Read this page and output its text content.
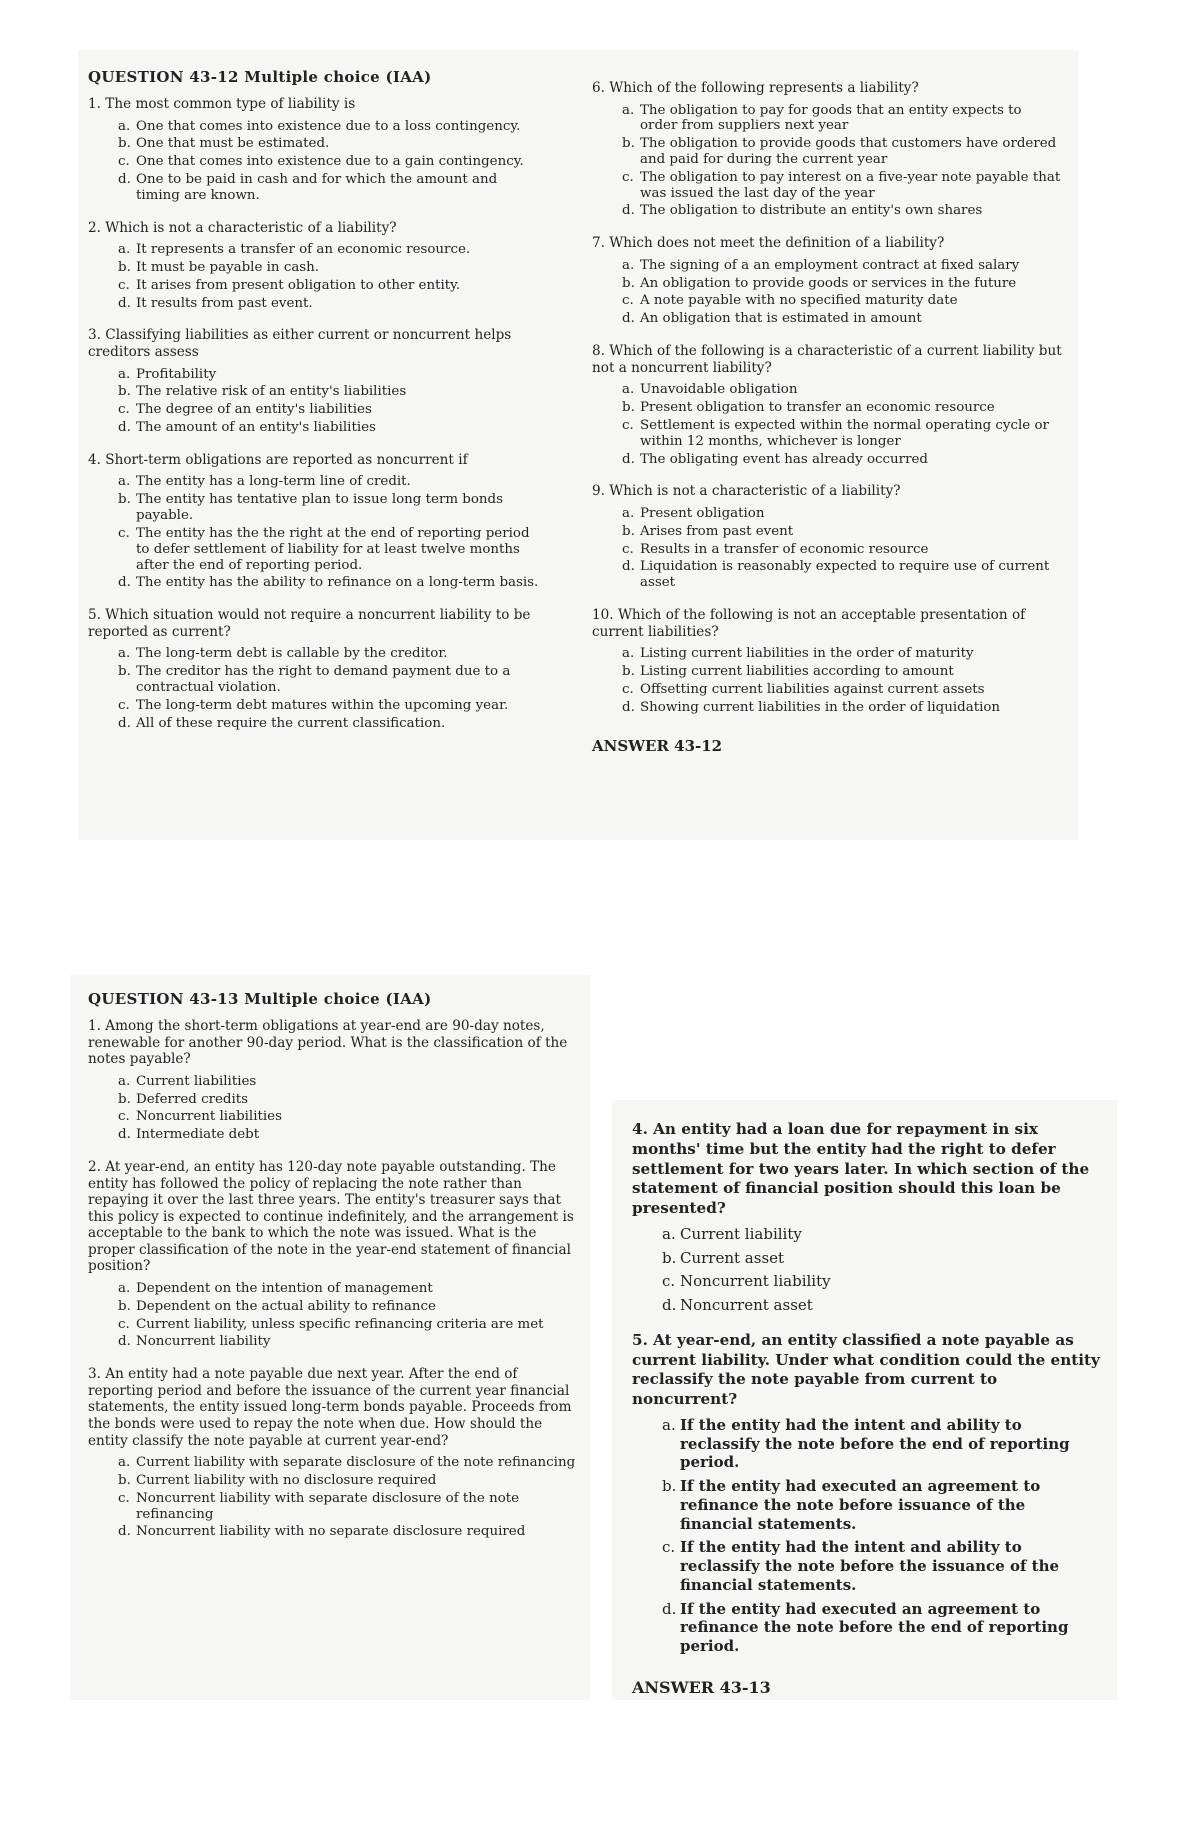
QUESTION 43-12 Multiple choice (IAA)

1. The most common type of liability is

a. One that comes into existence due to a loss contingency.
b. One that must be estimated.
c. One that comes into existence due to a gain contingency.
d. One to be paid in cash and for which the amount and timing are known.

2. Which is not a characteristic of a liability?

a. It represents a transfer of an economic resource.
b. It must be payable in cash.
c. It arises from present obligation to other entity.
d. It results from past event.

3. Classifying liabilities as either current or noncurrent helps creditors assess

a. Profitability
b. The relative risk of an entity's liabilities
c. The degree of an entity's liabilities
d. The amount of an entity's liabilities

4. Short-term obligations are reported as noncurrent if

a. The entity has a long-term line of credit.
b. The entity has tentative plan to issue long term bonds payable.
c. The entity has the the right at the end of reporting period to defer settlement of liability for at least twelve months after the end of reporting period.
d. The entity has the ability to refinance on a long-term basis.

5. Which situation would not require a noncurrent liability to be reported as current?

a. The long-term debt is callable by the creditor.
b. The creditor has the right to demand payment due to a contractual violation.
c. The long-term debt matures within the upcoming year.
d. All of these require the current classification.

6. Which of the following represents a liability?

a. The obligation to pay for goods that an entity expects to order from suppliers next year
b. The obligation to provide goods that customers have ordered and paid for during the current year
c. The obligation to pay interest on a five-year note payable that was issued the last day of the year
d. The obligation to distribute an entity's own shares

7. Which does not meet the definition of a liability?

a. The signing of a an employment contract at fixed salary
b. An obligation to provide goods or services in the future
c. A note payable with no specified maturity date
d. An obligation that is estimated in amount

8. Which of the following is a characteristic of a current liability but not a noncurrent liability?

a. Unavoidable obligation
b. Present obligation to transfer an economic resource
c. Settlement is expected within the normal operating cycle or within 12 months, whichever is longer
d. The obligating event has already occurred

9. Which is not a characteristic of a liability?

a. Present obligation
b. Arises from past event
c. Results in a transfer of economic resource
d. Liquidation is reasonably expected to require use of current asset

10. Which of the following is not an acceptable presentation of current liabilities?

a. Listing current liabilities in the order of maturity
b. Listing current liabilities according to amount
c. Offsetting current liabilities against current assets
d. Showing current liabilities in the order of liquidation
ANSWER 43-12
QUESTION 43-13 Multiple choice (IAA)

1. Among the short-term obligations at year-end are 90-day notes, renewable for another 90-day period. What is the classification of the notes payable?

a. Current liabilities
b. Deferred credits
c. Noncurrent liabilities
d. Intermediate debt

2. At year-end, an entity has 120-day note payable outstanding. The entity has followed the policy of replacing the note rather than repaying it over the last three years. The entity's treasurer says that this policy is expected to continue indefinitely, and the arrangement is acceptable to the bank to which the note was issued. What is the proper classification of the note in the year-end statement of financial position?

a. Dependent on the intention of management
b. Dependent on the actual ability to refinance
c. Current liability, unless specific refinancing criteria are met
d. Noncurrent liability

3. An entity had a note payable due next year. After the end of reporting period and before the issuance of the current year financial statements, the entity issued long-term bonds payable. Proceeds from the bonds were used to repay the note when due. How should the entity classify the note payable at current year-end?

a. Current liability with separate disclosure of the note refinancing
b. Current liability with no disclosure required
c. Noncurrent liability with separate disclosure of the note refinancing
d. Noncurrent liability with no separate disclosure required

4. An entity had a loan due for repayment in six months' time but the entity had the right to defer settlement for two years later. In which section of the statement of financial position should this loan be presented?

a. Current liability
b. Current asset
c. Noncurrent liability
d. Noncurrent asset

5. At year-end, an entity classified a note payable as current liability. Under what condition could the entity reclassify the note payable from current to noncurrent?

a. If the entity had the intent and ability to reclassify the note before the end of reporting period.
b. If the entity had executed an agreement to refinance the note before issuance of the financial statements.
c. If the entity had the intent and ability to reclassify the note before the issuance of the financial statements.
d. If the entity had executed an agreement to refinance the note before the end of reporting period.
ANSWER 43-13
